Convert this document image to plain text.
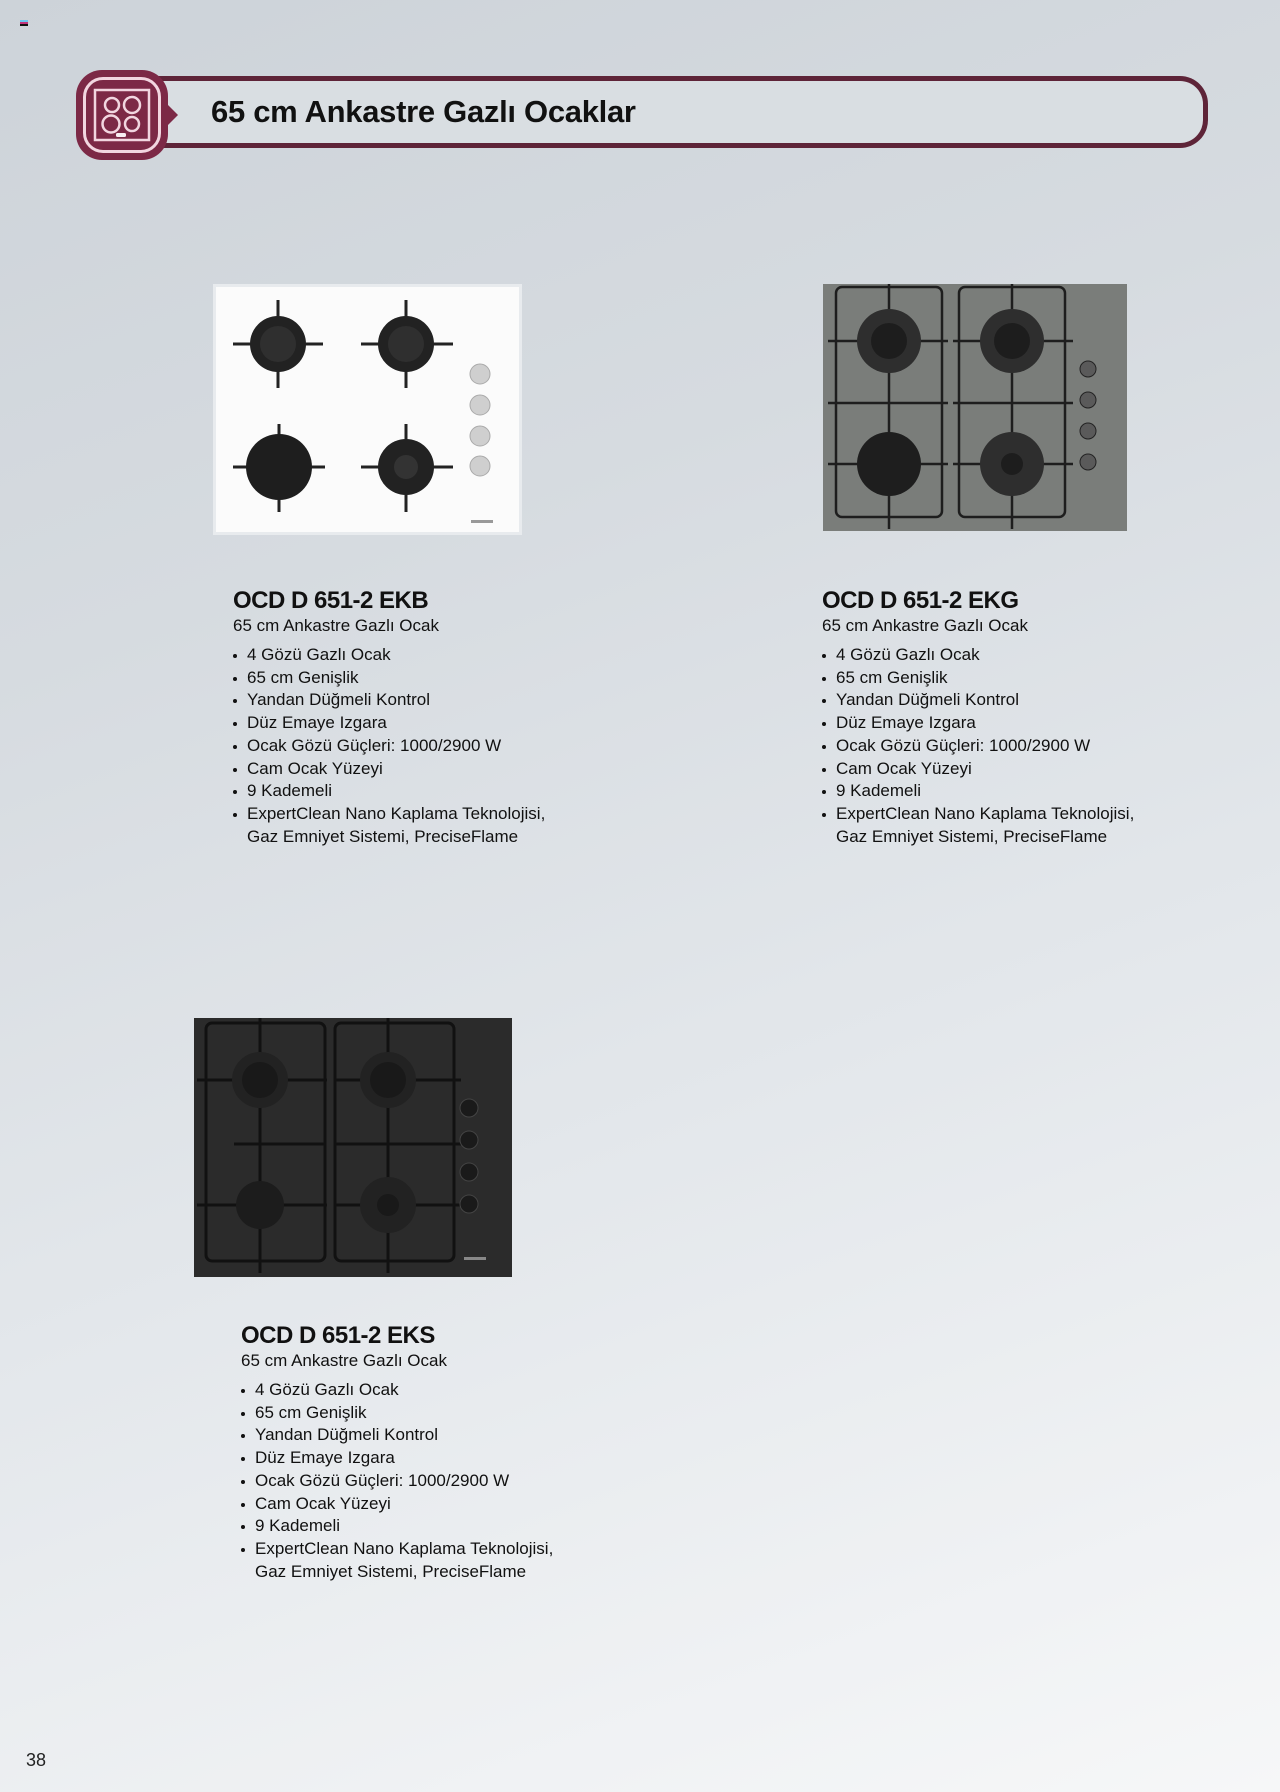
65 cm Ankastre Gazlı Ocaklar
OCD D 651-2 EKB
65 cm Ankastre Gazlı Ocak
4 Gözü Gazlı Ocak
65 cm Genişlik
Yandan Düğmeli Kontrol
Düz Emaye Izgara
Ocak Gözü Güçleri: 1000/2900 W
Cam Ocak Yüzeyi
9 Kademeli
ExpertClean Nano Kaplama Teknolojisi, Gaz Emniyet Sistemi, PreciseFlame
OCD D 651-2 EKG
65 cm Ankastre Gazlı Ocak
4 Gözü Gazlı Ocak
65 cm Genişlik
Yandan Düğmeli Kontrol
Düz Emaye Izgara
Ocak Gözü Güçleri: 1000/2900 W
Cam Ocak Yüzeyi
9 Kademeli
ExpertClean Nano Kaplama Teknolojisi, Gaz Emniyet Sistemi, PreciseFlame
OCD D 651-2 EKS
65 cm Ankastre Gazlı Ocak
4 Gözü Gazlı Ocak
65 cm Genişlik
Yandan Düğmeli Kontrol
Düz Emaye Izgara
Ocak Gözü Güçleri: 1000/2900 W
Cam Ocak Yüzeyi
9 Kademeli
ExpertClean Nano Kaplama Teknolojisi, Gaz Emniyet Sistemi, PreciseFlame
38
